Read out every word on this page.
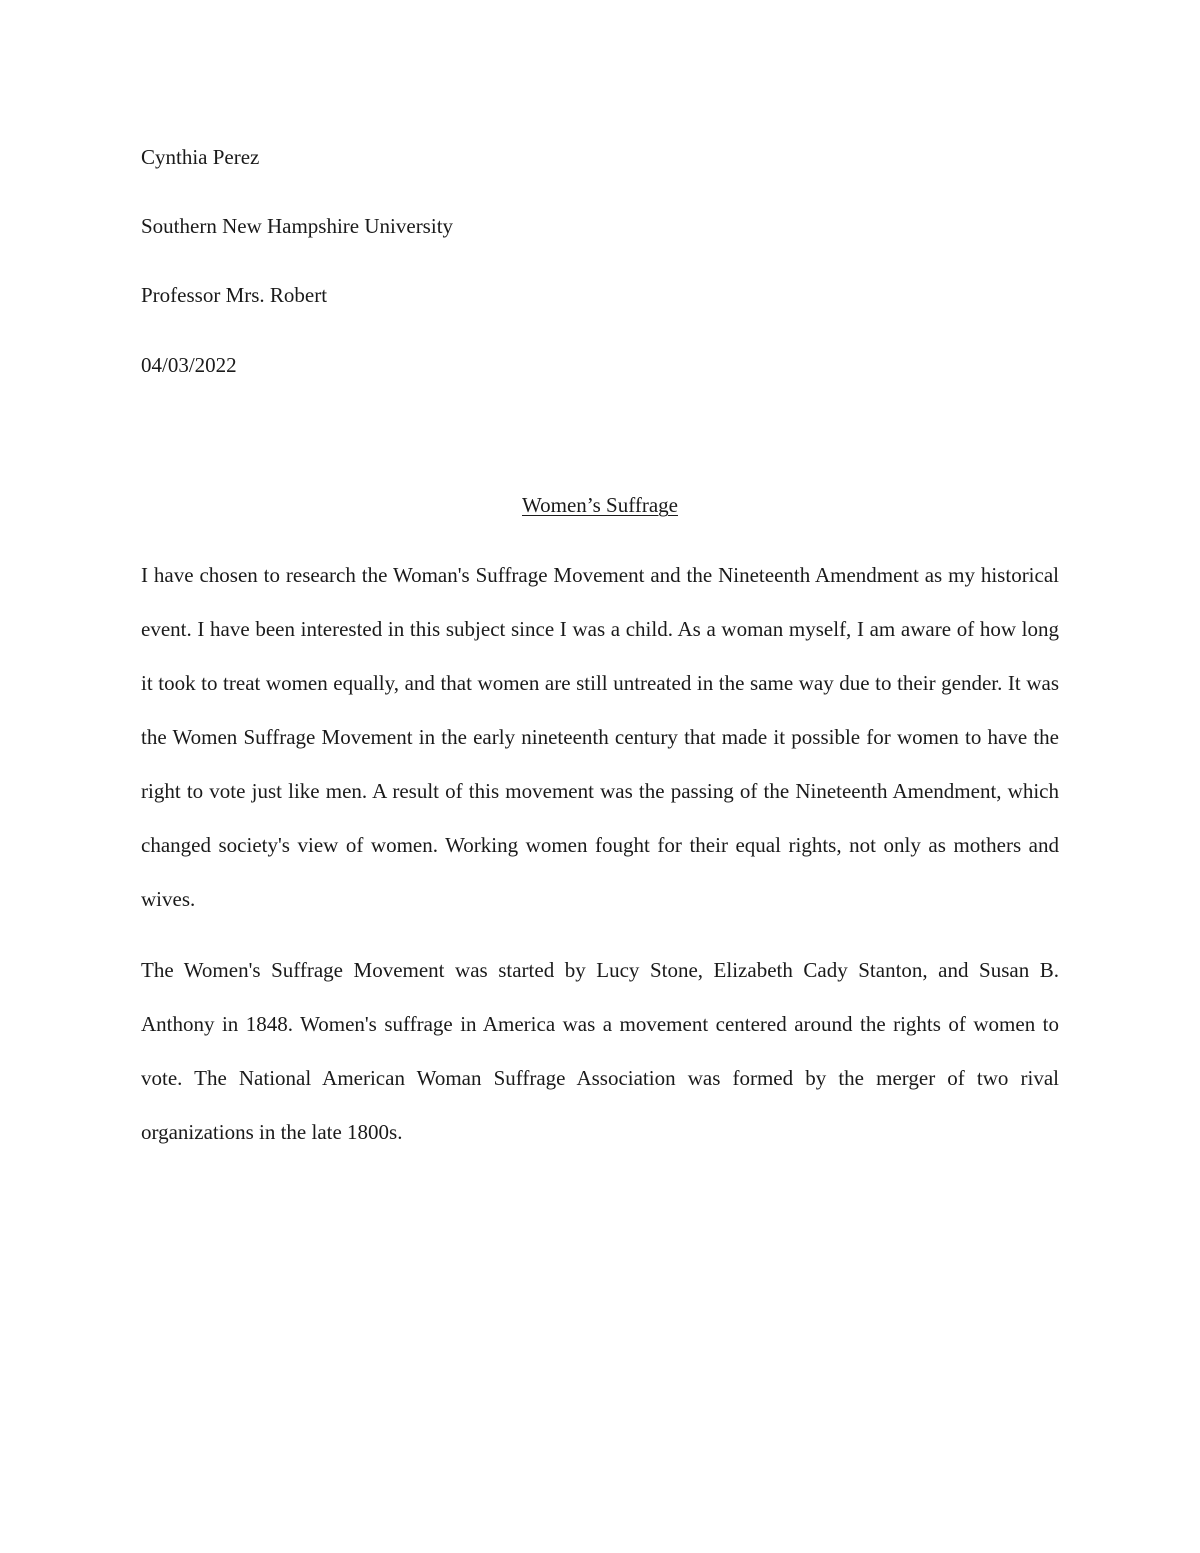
Cynthia Perez
Southern New Hampshire University
Professor Mrs. Robert
04/03/2022
Women’s Suffrage

I have chosen to research the Woman's Suffrage Movement and the Nineteenth Amendment as my historical event. I have been interested in this subject since I was a child. As a woman myself, I am aware of how long it took to treat women equally, and that women are still untreated in the same way due to their gender. It was the Women Suffrage Movement in the early nineteenth century that made it possible for women to have the right to vote just like men. A result of this movement was the passing of the Nineteenth Amendment, which changed society's view of women. Working women fought for their equal rights, not only as mothers and wives.

The Women's Suffrage Movement was started by Lucy Stone, Elizabeth Cady Stanton, and Susan B. Anthony in 1848. Women's suffrage in America was a movement centered around the rights of women to vote. The National American Woman Suffrage Association was formed by the merger of two rival organizations in the late 1800s.
